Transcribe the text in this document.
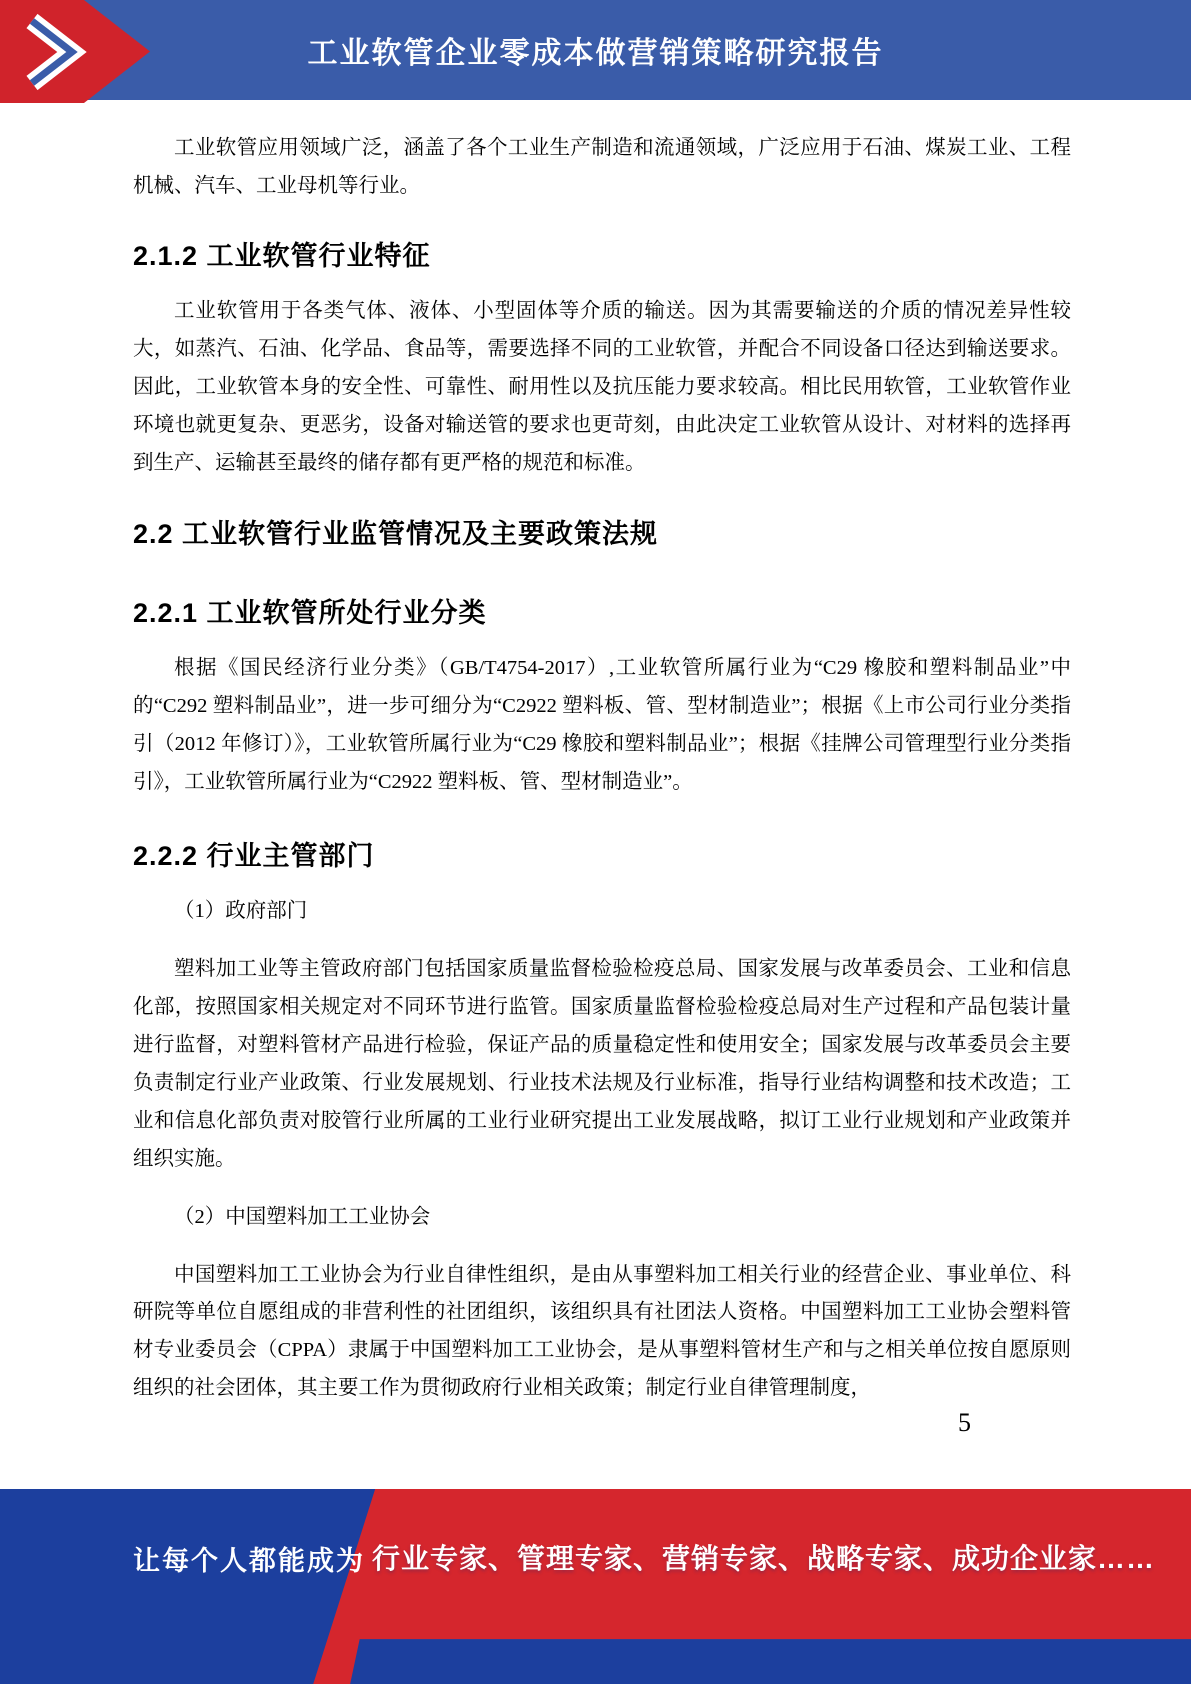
工业软管企业零成本做营销策略研究报告

工业软管应用领域广泛，涵盖了各个工业生产制造和流通领域，广泛应用于石油、煤炭工业、工程机械、汽车、工业母机等行业。

2.1.2 工业软管行业特征

工业软管用于各类气体、液体、小型固体等介质的输送。因为其需要输送的介质的情况差异性较大，如蒸汽、石油、化学品、食品等，需要选择不同的工业软管，并配合不同设备口径达到输送要求。因此，工业软管本身的安全性、可靠性、耐用性以及抗压能力要求较高。相比民用软管，工业软管作业环境也就更复杂、更恶劣，设备对输送管的要求也更苛刻，由此决定工业软管从设计、对材料的选择再到生产、运输甚至最终的储存都有更严格的规范和标准。

2.2 工业软管行业监管情况及主要政策法规
2.2.1 工业软管所处行业分类

根据《国民经济行业分类》（GB/T4754-2017）,工业软管所属行业为“C29 橡胶和塑料制品业”中的“C292 塑料制品业”，进一步可细分为“C2922 塑料板、管、型材制造业”；根据《上市公司行业分类指引（2012 年修订）》，工业软管所属行业为“C29 橡胶和塑料制品业”；根据《挂牌公司管理型行业分类指引》，工业软管所属行业为“C2922 塑料板、管、型材制造业”。

2.2.2 行业主管部门

（1）政府部门

塑料加工业等主管政府部门包括国家质量监督检验检疫总局、国家发展与改革委员会、工业和信息化部，按照国家相关规定对不同环节进行监管。国家质量监督检验检疫总局对生产过程和产品包装计量进行监督，对塑料管材产品进行检验，保证产品的质量稳定性和使用安全；国家发展与改革委员会主要负责制定行业产业政策、行业发展规划、行业技术法规及行业标准，指导行业结构调整和技术改造；工业和信息化部负责对胶管行业所属的工业行业研究提出工业发展战略，拟订工业行业规划和产业政策并组织实施。

（2）中国塑料加工工业协会

中国塑料加工工业协会为行业自律性组织，是由从事塑料加工相关行业的经营企业、事业单位、科研院等单位自愿组成的非营利性的社团组织，该组织具有社团法人资格。中国塑料加工工业协会塑料管材专业委员会（CPPA）隶属于中国塑料加工工业协会，是从事塑料管材生产和与之相关单位按自愿原则组织的社会团体，其主要工作为贯彻政府行业相关政策；制定行业自律管理制度，

5
让每个人都能成为 行业专家、管理专家、营销专家、战略专家、成功企业家……
